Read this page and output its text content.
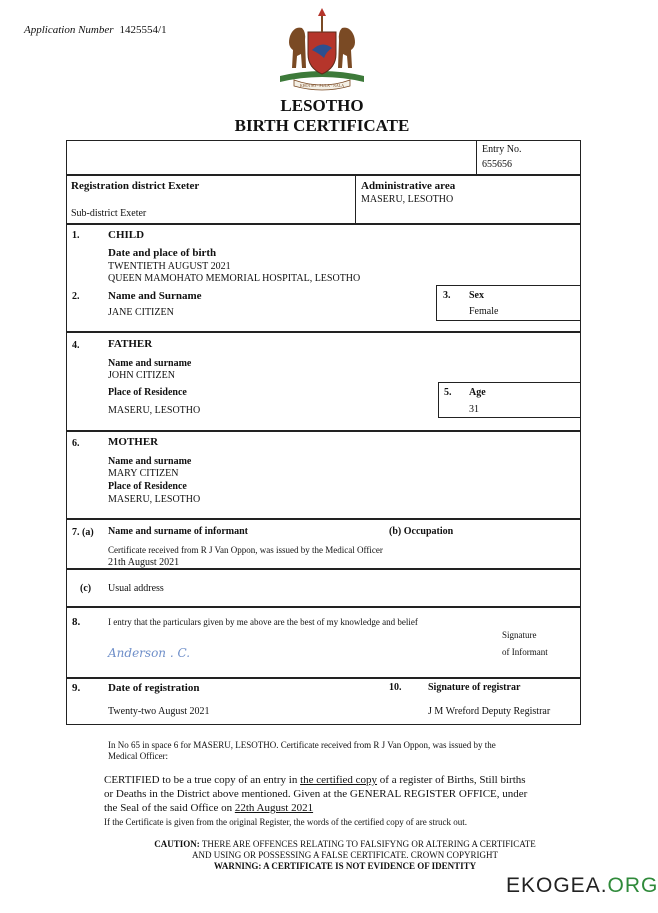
Application Number 1425554/1
KHOTSO · PULA · NALA
LESOTHO
BIRTH CERTIFICATE
Entry No.
655656
Registration district Exeter
Sub-district Exeter
Administrative area
MASERU, LESOTHO
1.	CHILD
Date and place of birth
TWENTIETH AUGUST 2021
QUEEN MAMOHATO MEMORIAL HOSPITAL, LESOTHO
2.	Name and Surname
JANE CITIZEN
3. Sex
Female
4.	FATHER
Name and surname
JOHN CITIZEN
Place of Residence
MASERU, LESOTHO
5. Age
31
6.	MOTHER
Name and surname
MARY CITIZEN
Place of Residence
MASERU, LESOTHO
7. (a) Name and surname of informant	(b) Occupation
Certificate received from R J Van Oppon, was issued by the Medical Officer
21th August 2021
(c) Usual address
8.	I entry that the particulars given by me above are the best of my knowledge and belief
Anderson . C.
Signature
of Informant
9.	Date of registration
Twenty-two August 2021
10.	Signature of registrar
J M Wreford Deputy Registrar
In No 65 in space 6 for MASERU, LESOTHO. Certificate received from R J Van Oppon, was issued by the
Medical Officer:
CERTIFIED to be a true copy of an entry in the certified copy of a register of Births, Still births
or Deaths in the District above mentioned. Given at the GENERAL REGISTER OFFICE, under
the Seal of the said Office on 22th August 2021
If the Certificate is given from the original Register, the words of the certified copy of are struck out.
CAUTION: THERE ARE OFFENCES RELATING TO FALSIFYNG OR ALTERING A CERTIFICATE
AND USING OR POSSESSING A FALSE CERTIFICATE. CROWN COPYRIGHT
WARNING: A CERTIFICATE IS NOT EVIDENCE OF IDENTITY
EKOGEA.ORG
